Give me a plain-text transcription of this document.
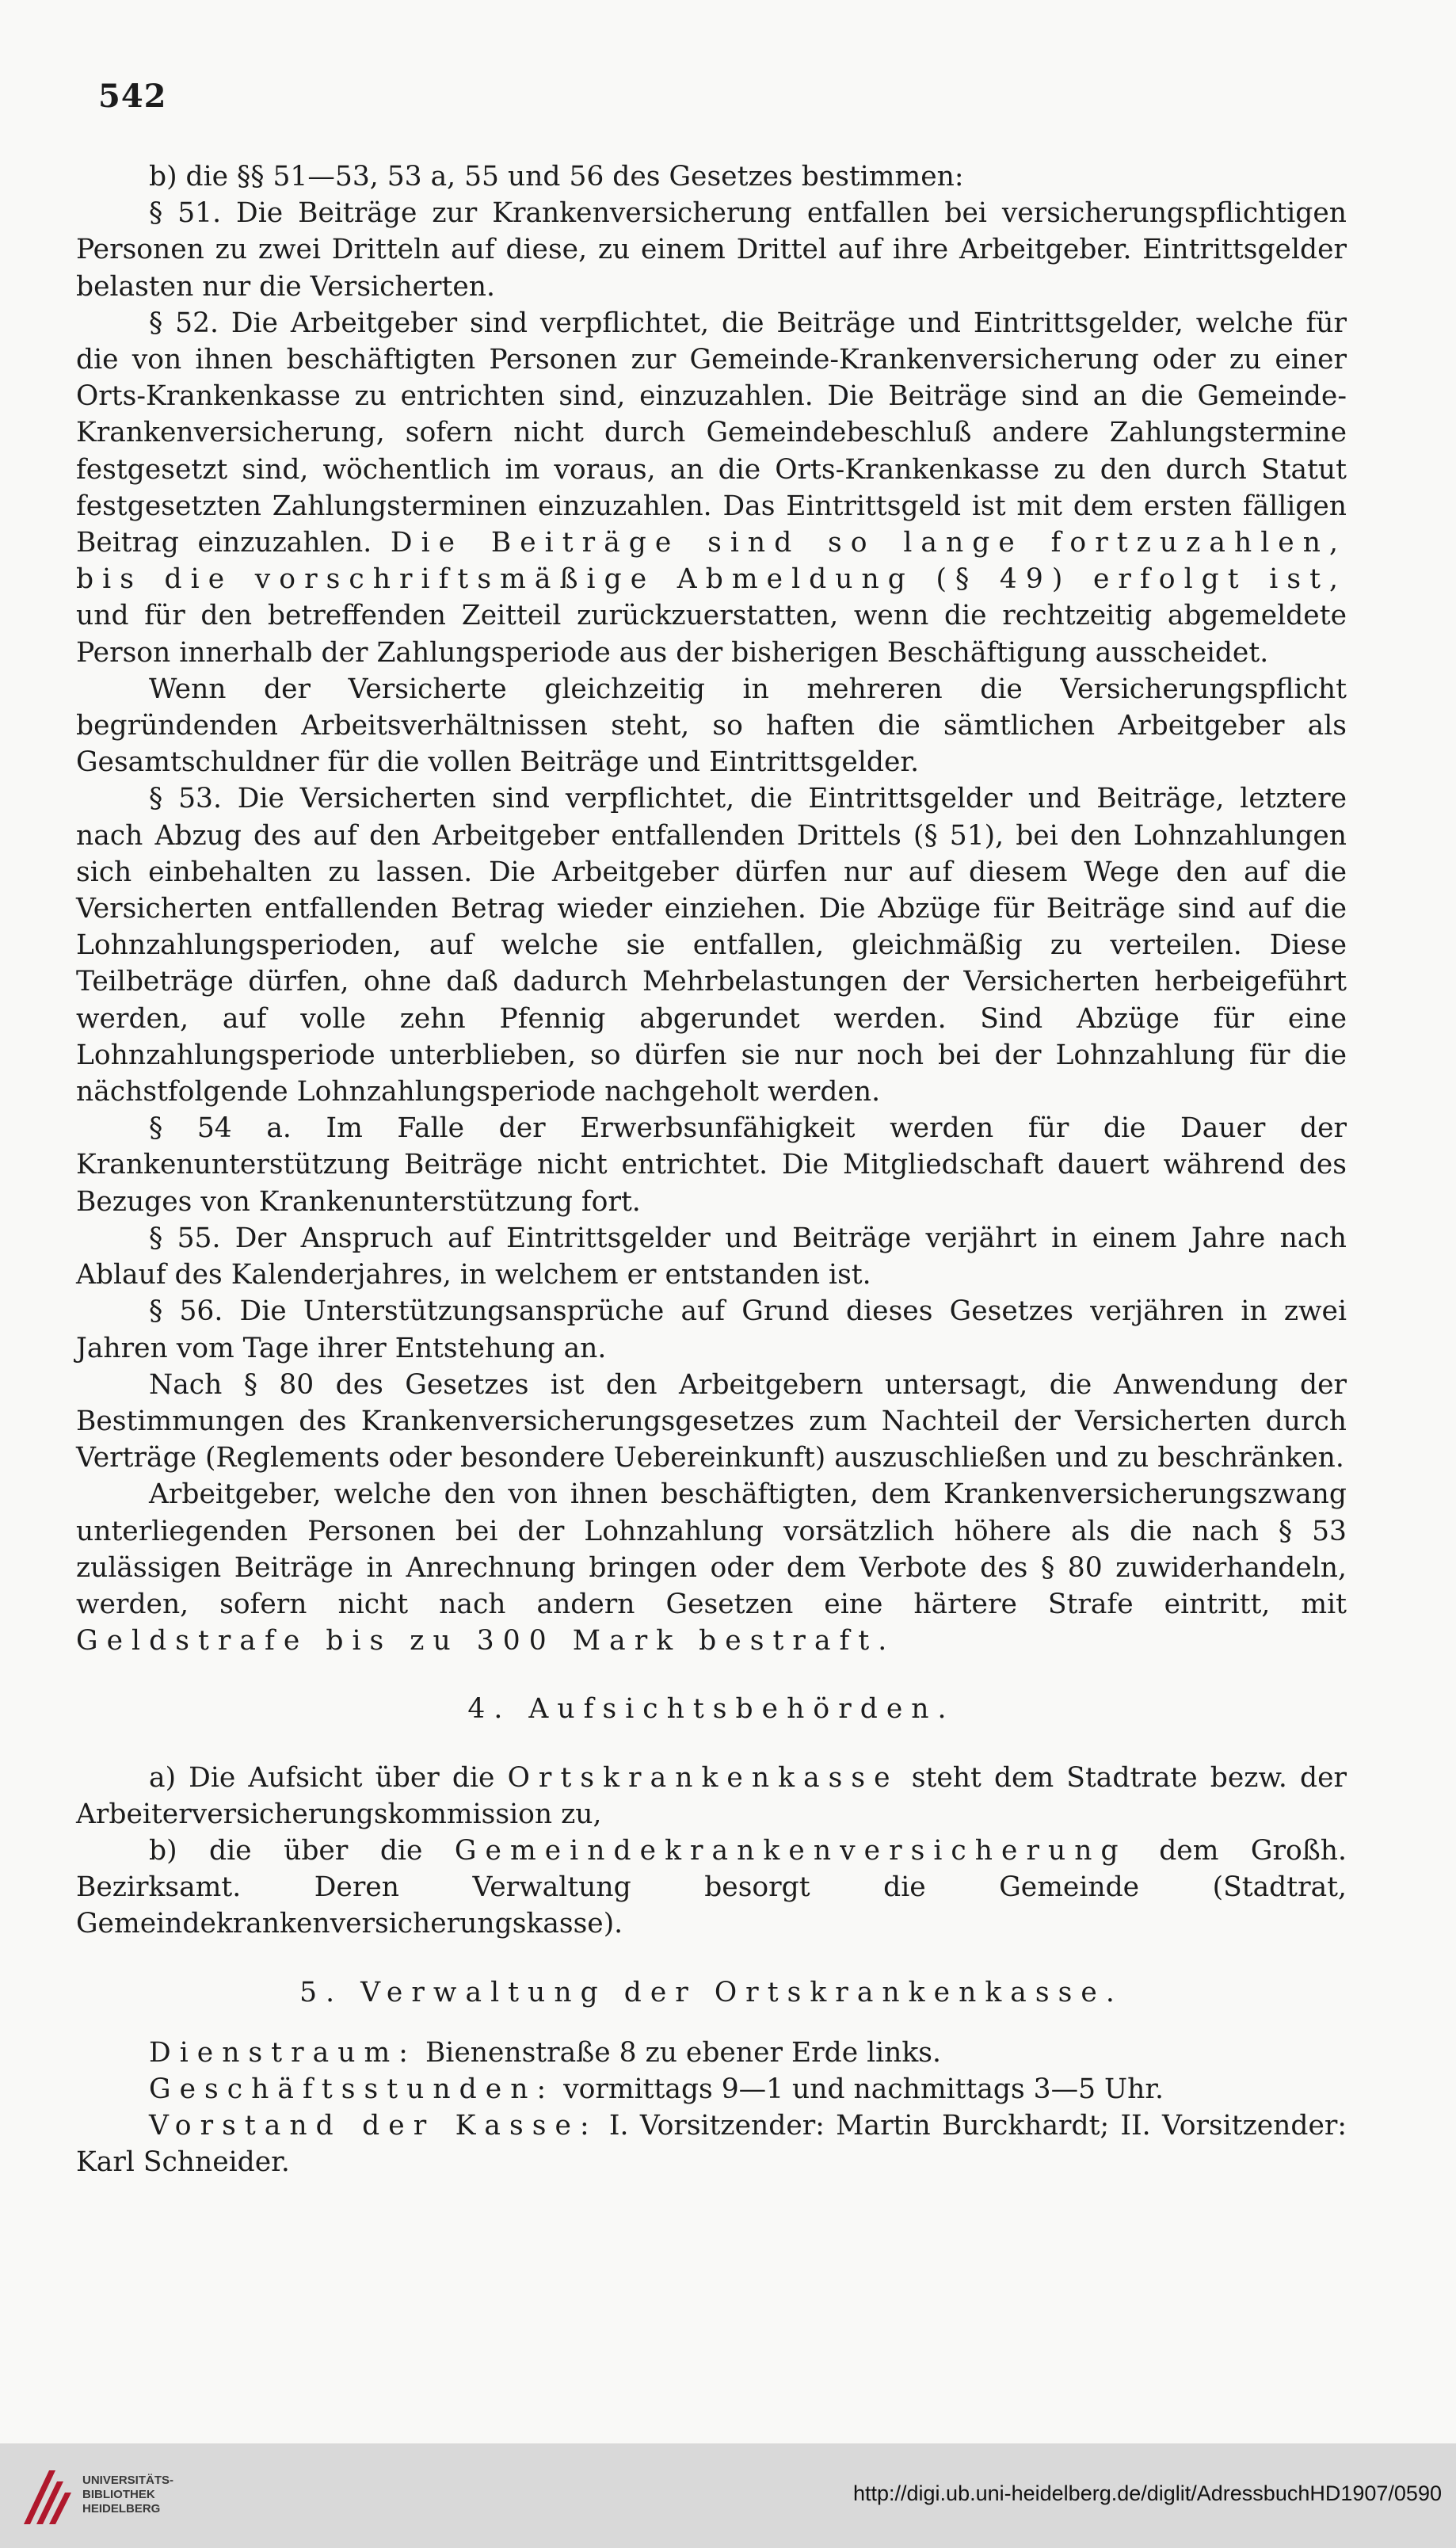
542

b) die §§ 51—53, 53 a, 55 und 56 des Gesetzes bestimmen:

§ 51. Die Beiträge zur Krankenversicherung entfallen bei versicherungspflichtigen Personen zu zwei Dritteln auf diese, zu einem Drittel auf ihre Arbeitgeber. Eintrittsgelder belasten nur die Versicherten.

§ 52. Die Arbeitgeber sind verpflichtet, die Beiträge und Eintrittsgelder, welche für die von ihnen beschäftigten Personen zur Gemeinde-Krankenversicherung oder zu einer Orts-Krankenkasse zu entrichten sind, einzuzahlen. Die Beiträge sind an die Gemeinde-Krankenversicherung, sofern nicht durch Gemeindebeschluß andere Zahlungstermine festgesetzt sind, wöchentlich im voraus, an die Orts-Krankenkasse zu den durch Statut festgesetzten Zahlungsterminen einzuzahlen. Das Eintrittsgeld ist mit dem ersten fälligen Beitrag einzuzahlen. Die Beiträge sind so lange fortzuzahlen, bis die vorschriftsmäßige Abmeldung (§ 49) erfolgt ist, und für den betreffenden Zeitteil zurückzuerstatten, wenn die rechtzeitig abgemeldete Person innerhalb der Zahlungsperiode aus der bisherigen Beschäftigung ausscheidet.

Wenn der Versicherte gleichzeitig in mehreren die Versicherungspflicht begründenden Arbeitsverhältnissen steht, so haften die sämtlichen Arbeitgeber als Gesamtschuldner für die vollen Beiträge und Eintrittsgelder.

§ 53. Die Versicherten sind verpflichtet, die Eintrittsgelder und Beiträge, letztere nach Abzug des auf den Arbeitgeber entfallenden Drittels (§ 51), bei den Lohnzahlungen sich einbehalten zu lassen. Die Arbeitgeber dürfen nur auf diesem Wege den auf die Versicherten entfallenden Betrag wieder einziehen. Die Abzüge für Beiträge sind auf die Lohnzahlungsperioden, auf welche sie entfallen, gleichmäßig zu verteilen. Diese Teilbeträge dürfen, ohne daß dadurch Mehrbelastungen der Versicherten herbeigeführt werden, auf volle zehn Pfennig abgerundet werden. Sind Abzüge für eine Lohnzahlungsperiode unterblieben, so dürfen sie nur noch bei der Lohnzahlung für die nächstfolgende Lohnzahlungsperiode nachgeholt werden.

§ 54 a. Im Falle der Erwerbsunfähigkeit werden für die Dauer der Krankenunterstützung Beiträge nicht entrichtet. Die Mitgliedschaft dauert während des Bezuges von Krankenunterstützung fort.

§ 55. Der Anspruch auf Eintrittsgelder und Beiträge verjährt in einem Jahre nach Ablauf des Kalenderjahres, in welchem er entstanden ist.

§ 56. Die Unterstützungsansprüche auf Grund dieses Gesetzes verjähren in zwei Jahren vom Tage ihrer Entstehung an.

Nach § 80 des Gesetzes ist den Arbeitgebern untersagt, die Anwendung der Bestimmungen des Krankenversicherungsgesetzes zum Nachteil der Versicherten durch Verträge (Reglements oder besondere Uebereinkunft) auszuschließen und zu beschränken.

Arbeitgeber, welche den von ihnen beschäftigten, dem Krankenversicherungszwang unterliegenden Personen bei der Lohnzahlung vorsätzlich höhere als die nach § 53 zulässigen Beiträge in Anrechnung bringen oder dem Verbote des § 80 zuwiderhandeln, werden, sofern nicht nach andern Gesetzen eine härtere Strafe eintritt, mit Geldstrafe bis zu 300 Mark bestraft.

4. Aufsichtsbehörden.

a) Die Aufsicht über die Ortskrankenkasse steht dem Stadtrate bezw. der Arbeiterversicherungskommission zu,

b) die über die Gemeindekrankenversicherung dem Großh. Bezirksamt. Deren Verwaltung besorgt die Gemeinde (Stadtrat, Gemeindekrankenversicherungskasse).

5. Verwaltung der Ortskrankenkasse.

Dienstraum: Bienenstraße 8 zu ebener Erde links.

Geschäftsstunden: vormittags 9—1 und nachmittags 3—5 Uhr.

Vorstand der Kasse: I. Vorsitzender: Martin Burckhardt; II. Vorsitzender: Karl Schneider.

UNIVERSITÄTS-
BIBLIOTHEK
HEIDELBERG
http://digi.ub.uni-heidelberg.de/diglit/AdressbuchHD1907/0590
